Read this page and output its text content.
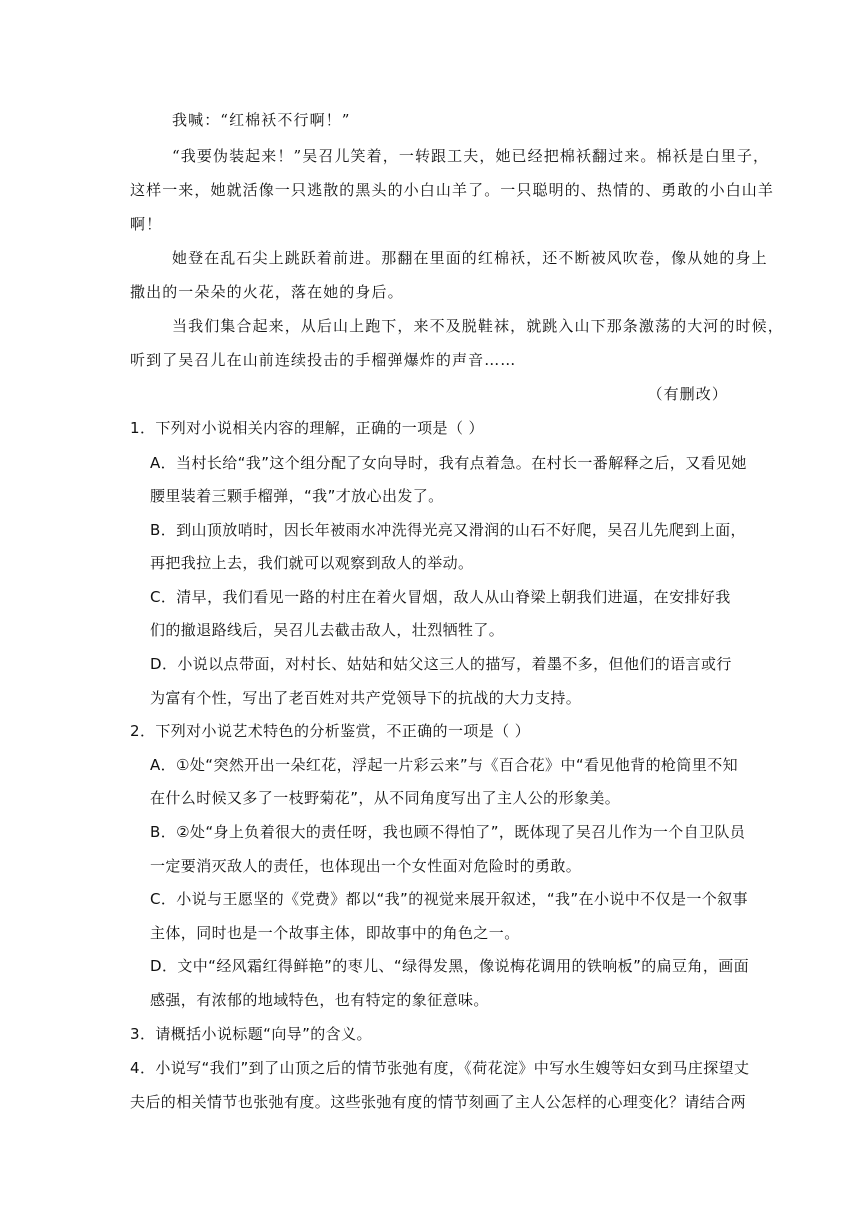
我喊：“红棉袄不行啊！”
“我要伪装起来！”吴召儿笑着，一转跟工夫，她已经把棉袄翻过来。棉袄是白里子，
这样一来，她就活像一只逃散的黑头的小白山羊了。一只聪明的、热情的、勇敢的小白山羊
啊！
她登在乱石尖上跳跃着前进。那翻在里面的红棉袄，还不断被风吹卷，像从她的身上
撒出的一朵朵的火花，落在她的身后。
当我们集合起来，从后山上跑下，来不及脱鞋袜，就跳入山下那条激荡的大河的时候，
听到了吴召儿在山前连续投击的手榴弹爆炸的声音……
（有删改）
1．下列对小说相关内容的理解，正确的一项是（ ）
A．当村长给“我”这个组分配了女向导时，我有点着急。在村长一番解释之后，又看见她
腰里装着三颗手榴弹，“我”才放心出发了。
B．到山顶放哨时，因长年被雨水冲洗得光亮又滑润的山石不好爬，吴召儿先爬到上面，
再把我拉上去，我们就可以观察到敌人的举动。
C．清早，我们看见一路的村庄在着火冒烟，敌人从山脊梁上朝我们进逼，在安排好我
们的撤退路线后，吴召儿去截击敌人，壮烈牺牲了。
D．小说以点带面，对村长、姑姑和姑父这三人的描写，着墨不多，但他们的语言或行
为富有个性，写出了老百姓对共产党领导下的抗战的大力支持。
2．下列对小说艺术特色的分析鉴赏，不正确的一项是（ ）
A．①处“突然开出一朵红花，浮起一片彩云来”与《百合花》中“看见他背的枪筒里不知
在什么时候又多了一枝野菊花”，从不同角度写出了主人公的形象美。
B．②处“身上负着很大的责任呀，我也顾不得怕了”，既体现了吴召儿作为一个自卫队员
一定要消灭敌人的责任，也体现出一个女性面对危险时的勇敢。
C．小说与王愿坚的《党费》都以“我”的视觉来展开叙述，“我”在小说中不仅是一个叙事
主体，同时也是一个故事主体，即故事中的角色之一。
D．文中“经风霜红得鲜艳”的枣儿、“绿得发黑，像说梅花调用的铁响板”的扁豆角，画面
感强，有浓郁的地域特色，也有特定的象征意味。
3．请概括小说标题“向导”的含义。
4．小说写“我们”到了山顶之后的情节张弛有度，《荷花淀》中写水生嫂等妇女到马庄探望丈
夫后的相关情节也张弛有度。这些张弛有度的情节刻画了主人公怎样的心理变化？请结合两
